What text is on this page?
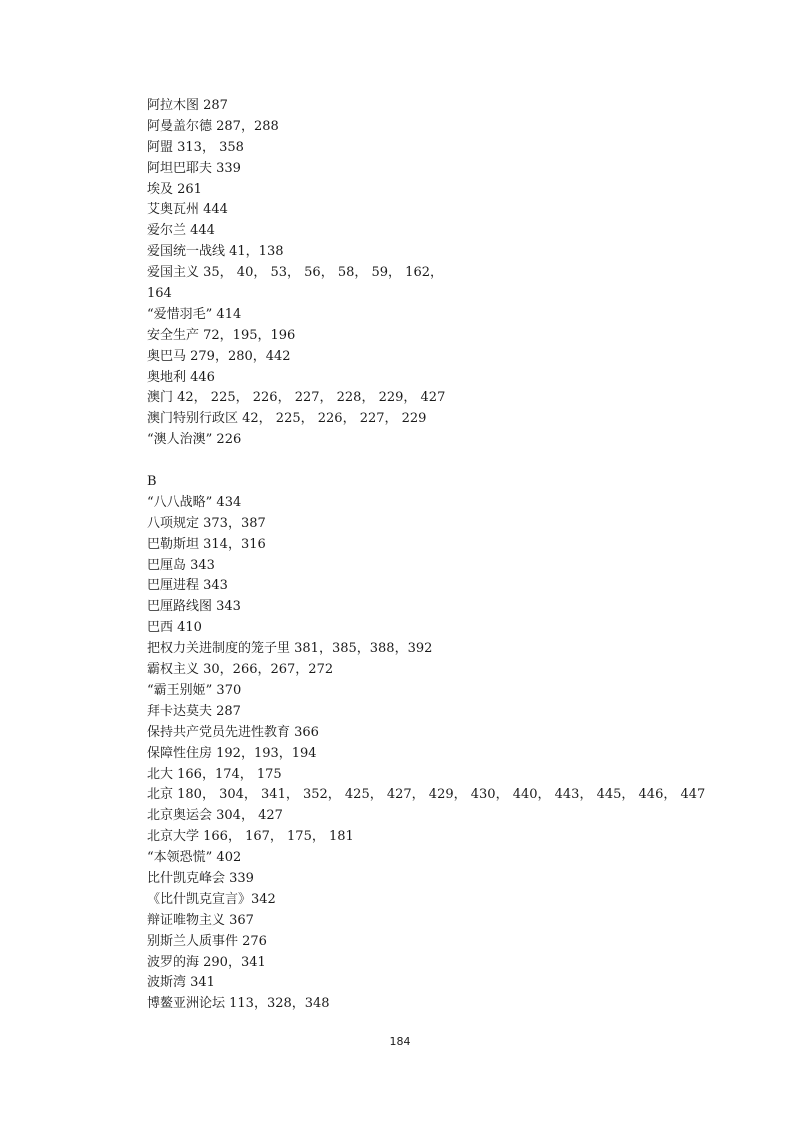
阿拉木图 287
阿曼盖尔德 287，288
阿盟 313， 358
阿坦巴耶夫 339
埃及 261
艾奥瓦州 444
爱尔兰 444
爱国统一战线 41，138
爱国主义 35， 40， 53， 56， 58， 59， 162，
164
“爱惜羽毛” 414
安全生产 72，195，196
奥巴马 279，280，442
奥地利 446
澳门 42， 225， 226， 227， 228， 229， 427
澳门特别行政区 42， 225， 226， 227， 229
“澳人治澳” 226
B
“八八战略” 434
八项规定 373，387
巴勒斯坦 314，316
巴厘岛 343
巴厘进程 343
巴厘路线图 343
巴西 410
把权力关进制度的笼子里 381，385，388，392
霸权主义 30，266，267，272
“霸王别姬” 370
拜卡达莫夫 287
保持共产党员先进性教育 366
保障性住房 192，193，194
北大 166，174， 175
北京 180， 304， 341， 352， 425， 427， 429， 430， 440， 443， 445， 446， 447
北京奥运会 304， 427
北京大学 166， 167， 175， 181
“本领恐慌” 402
比什凯克峰会 339
《比什凯克宣言》342
辩证唯物主义 367
别斯兰人质事件 276
波罗的海 290，341
波斯湾 341
博鳌亚洲论坛 113，328，348
184
